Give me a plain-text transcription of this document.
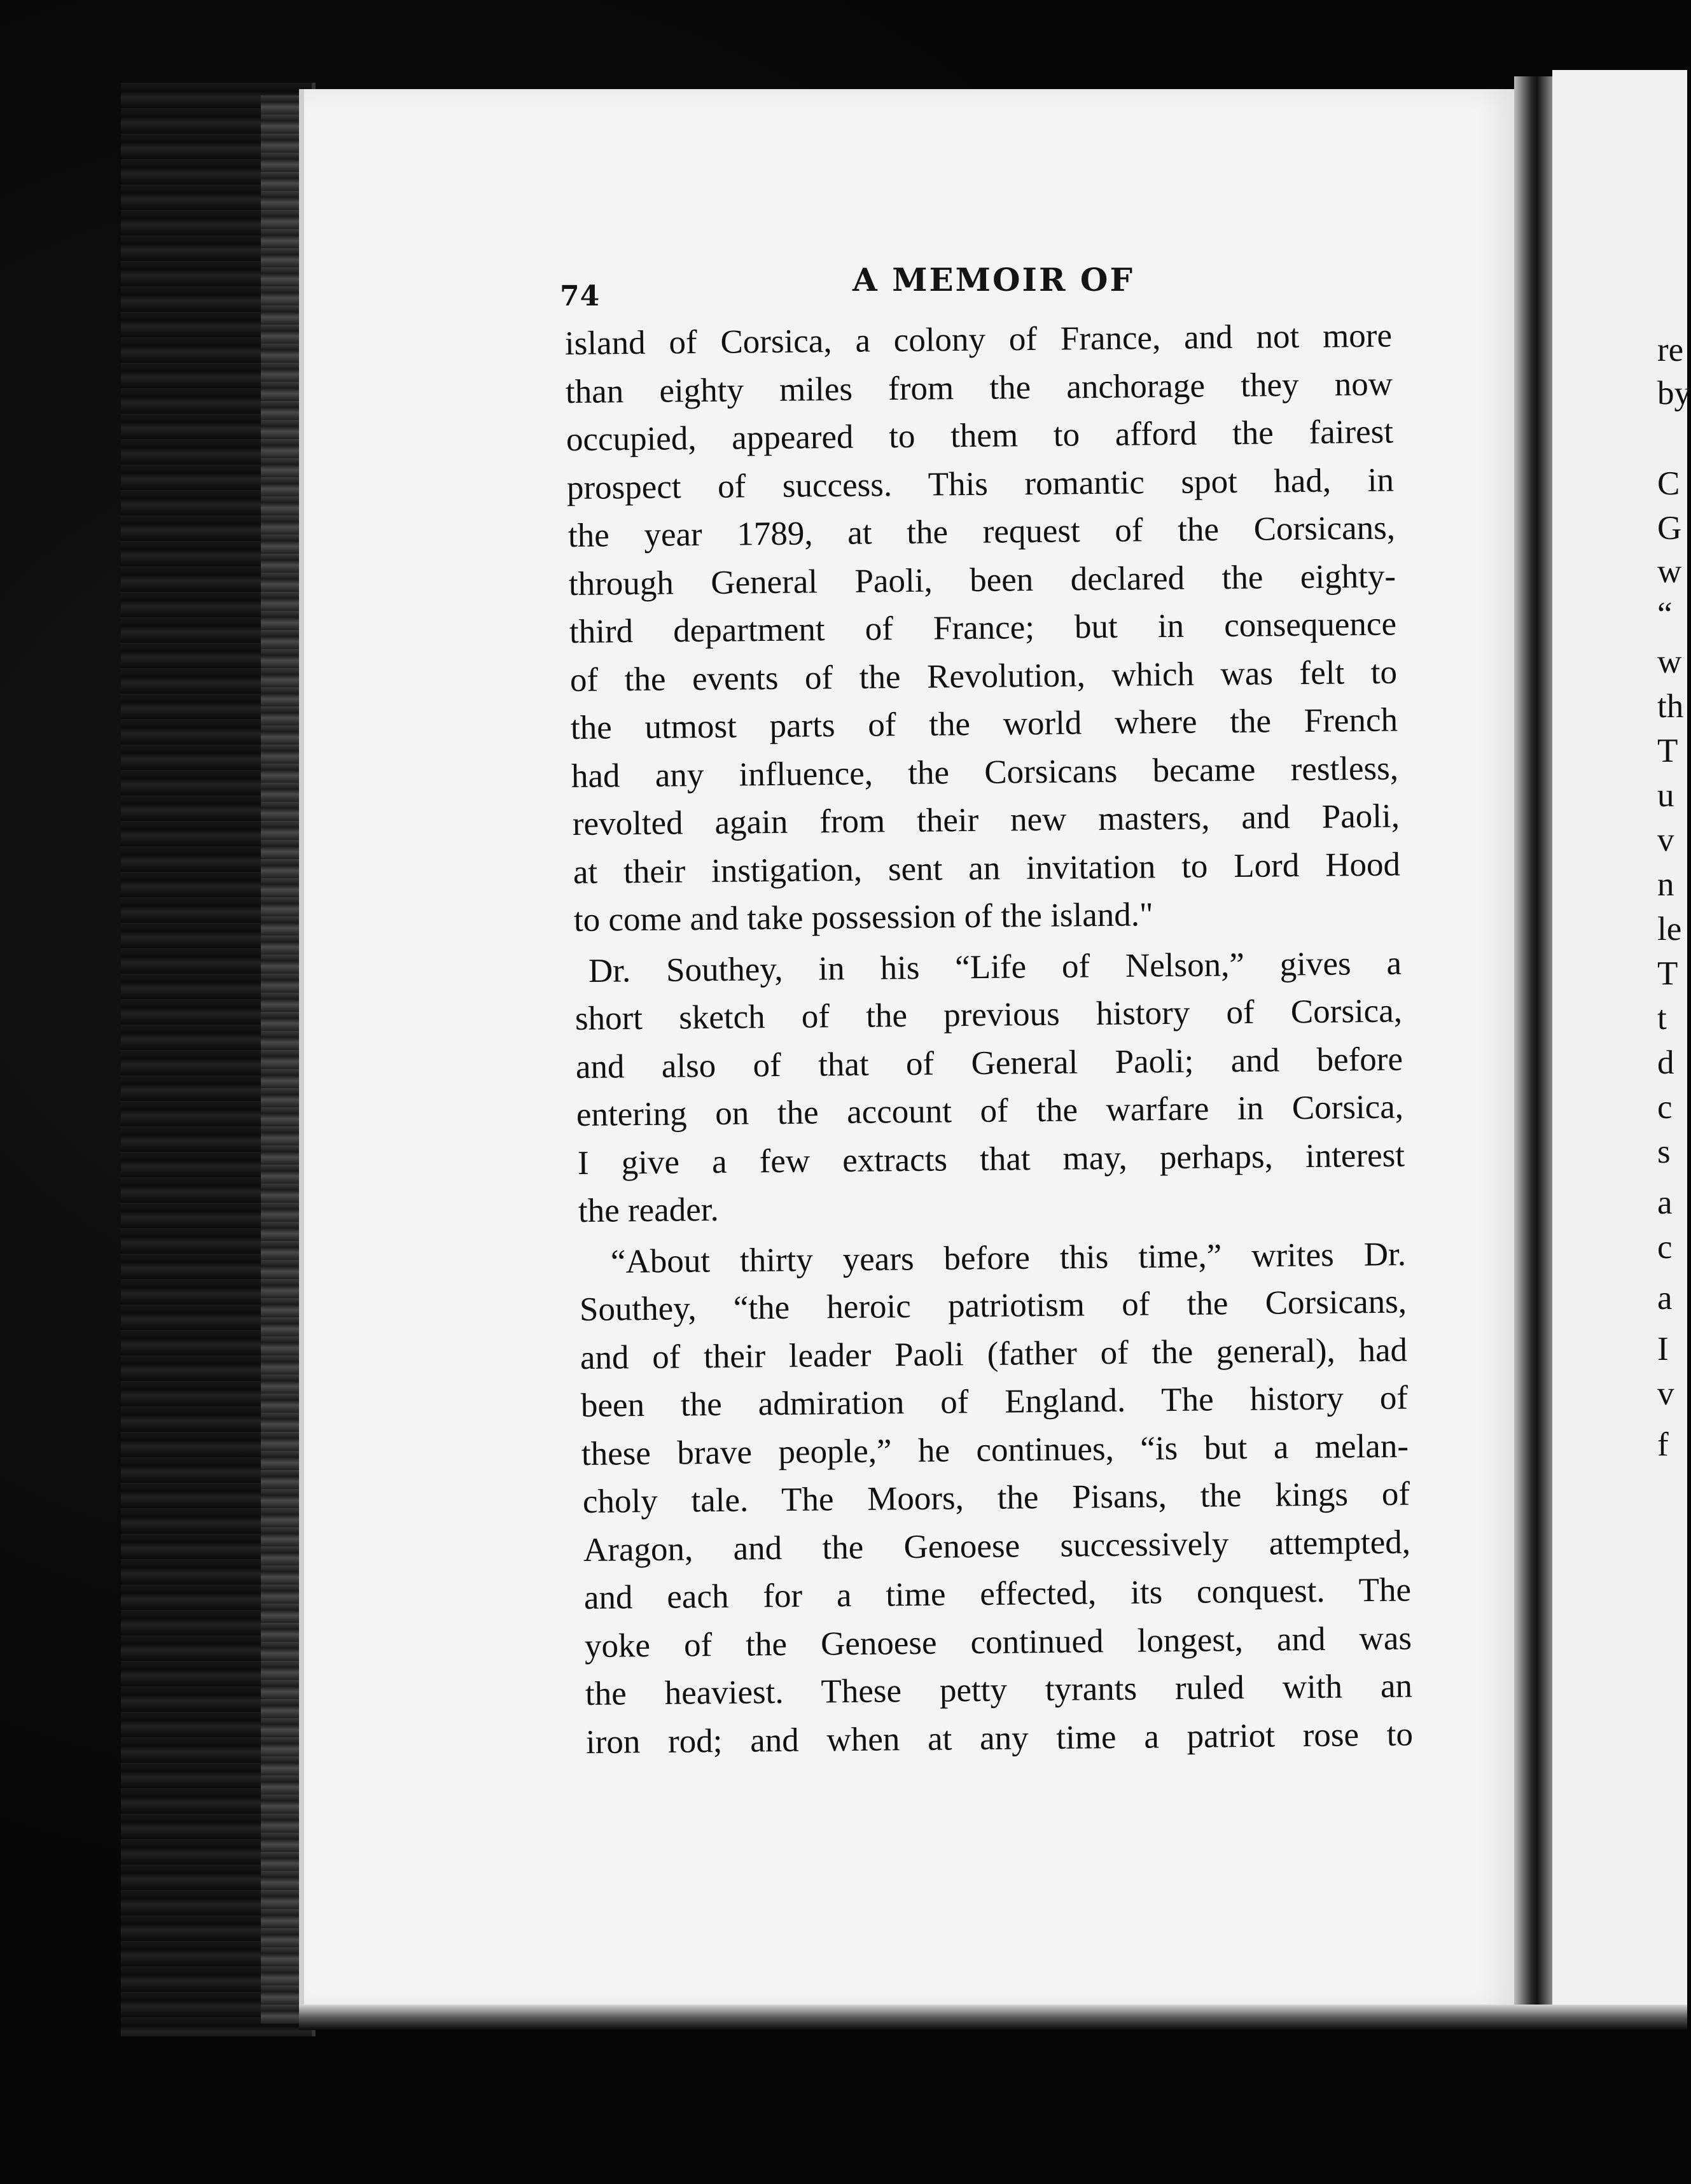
74	A MEMOIR OF
island of Corsica, a colony of France, and not more
than eighty miles from the anchorage they now
occupied, appeared to them to afford the fairest
prospect of success. This romantic spot had, in
the year 1789, at the request of the Corsicans,
through General Paoli, been declared the eighty-
third department of France; but in consequence
of the events of the Revolution, which was felt to
the utmost parts of the world where the French
had any influence, the Corsicans became restless,
revolted again from their new masters, and Paoli,
at their instigation, sent an invitation to Lord Hood
to come and take possession of the island."
Dr. Southey, in his “Life of Nelson,” gives a
short sketch of the previous history of Corsica,
and also of that of General Paoli; and before
entering on the account of the warfare in Corsica,
I give a few extracts that may, perhaps, interest
the reader.
“About thirty years before this time,” writes Dr.
Southey, “the heroic patriotism of the Corsicans,
and of their leader Paoli (father of the general), had
been the admiration of England. The history of
these brave people,” he continues, “is but a melan-
choly tale. The Moors, the Pisans, the kings of
Aragon, and the Genoese successively attempted,
and each for a time effected, its conquest. The
yoke of the Genoese continued longest, and was
the heaviest. These petty tyrants ruled with an
iron rod; and when at any time a patriot rose to
re
by
C
G
w
“
w
th
T
u
v
n
le
T
t
d
c
s
a
c
a
I
v
f
